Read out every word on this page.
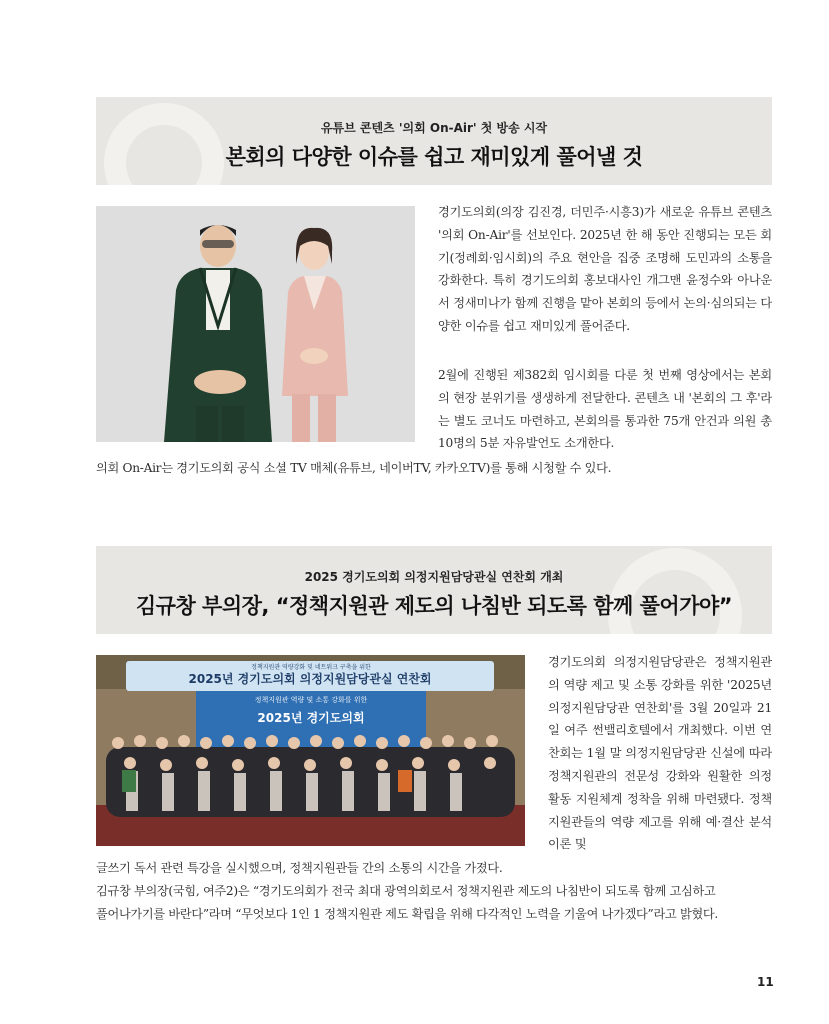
유튜브 콘텐츠 '의회 On-Air' 첫 방송 시작
본회의 다양한 이슈를 쉽고 재미있게 풀어낼 것
경기도의회(의장 김진경, 더민주·시흥3)가 새로운 유튜브 콘텐츠 '의회 On-Air'를 선보인다. 2025년 한 해 동안 진행되는 모든 회기(정례회·임시회)의 주요 현안을 집중 조명해 도민과의 소통을 강화한다. 특히 경기도의회 홍보대사인 개그맨 윤정수와 아나운서 정새미나가 함께 진행을 맡아 본회의 등에서 논의·심의되는 다양한 이슈를 쉽고 재미있게 풀어준다.
2월에 진행된 제382회 임시회를 다룬 첫 번째 영상에서는 본회의 현장 분위기를 생생하게 전달한다. 콘텐츠 내 '본회의 그 후'라는 별도 코너도 마련하고, 본회의를 통과한 75개 안건과 의원 총 10명의 5분 자유발언도 소개한다.
의회 On-Air는 경기도의회 공식 소셜 TV 매체(유튜브, 네이버TV, 카카오TV)를 통해 시청할 수 있다.
2025 경기도의회 의정지원담당관실 연찬회 개최
김규창 부의장, “정책지원관 제도의 나침반 되도록 함께 풀어가야”
정책지원관 역량강화 및 네트워크 구축을 위한
2025년 경기도의회 의정지원담당관실 연찬회
정책지원관 역량 및 소통 강화를 위한
2025년 경기도의회
경기도의회 의정지원담당관은 정책지원관의 역량 제고 및 소통 강화를 위한 '2025년 의정지원담당관 연찬회'를 3월 20일과 21일 여주 썬밸리호텔에서 개최했다. 이번 연찬회는 1월 말 의정지원담당관 신설에 따라 정책지원관의 전문성 강화와 원활한 의정 활동 지원체계 정착을 위해 마련됐다. 정책지원관들의 역량 제고를 위해 예·결산 분석 이론 및
글쓰기 독서 관련 특강을 실시했으며, 정책지원관들 간의 소통의 시간을 가졌다.
김규창 부의장(국힘, 여주2)은 “경기도의회가 전국 최대 광역의회로서 정책지원관 제도의 나침반이 되도록 함께 고심하고
풀어나가기를 바란다”라며 “무엇보다 1인 1 정책지원관 제도 확립을 위해 다각적인 노력을 기울여 나가겠다”라고 밝혔다.
11
